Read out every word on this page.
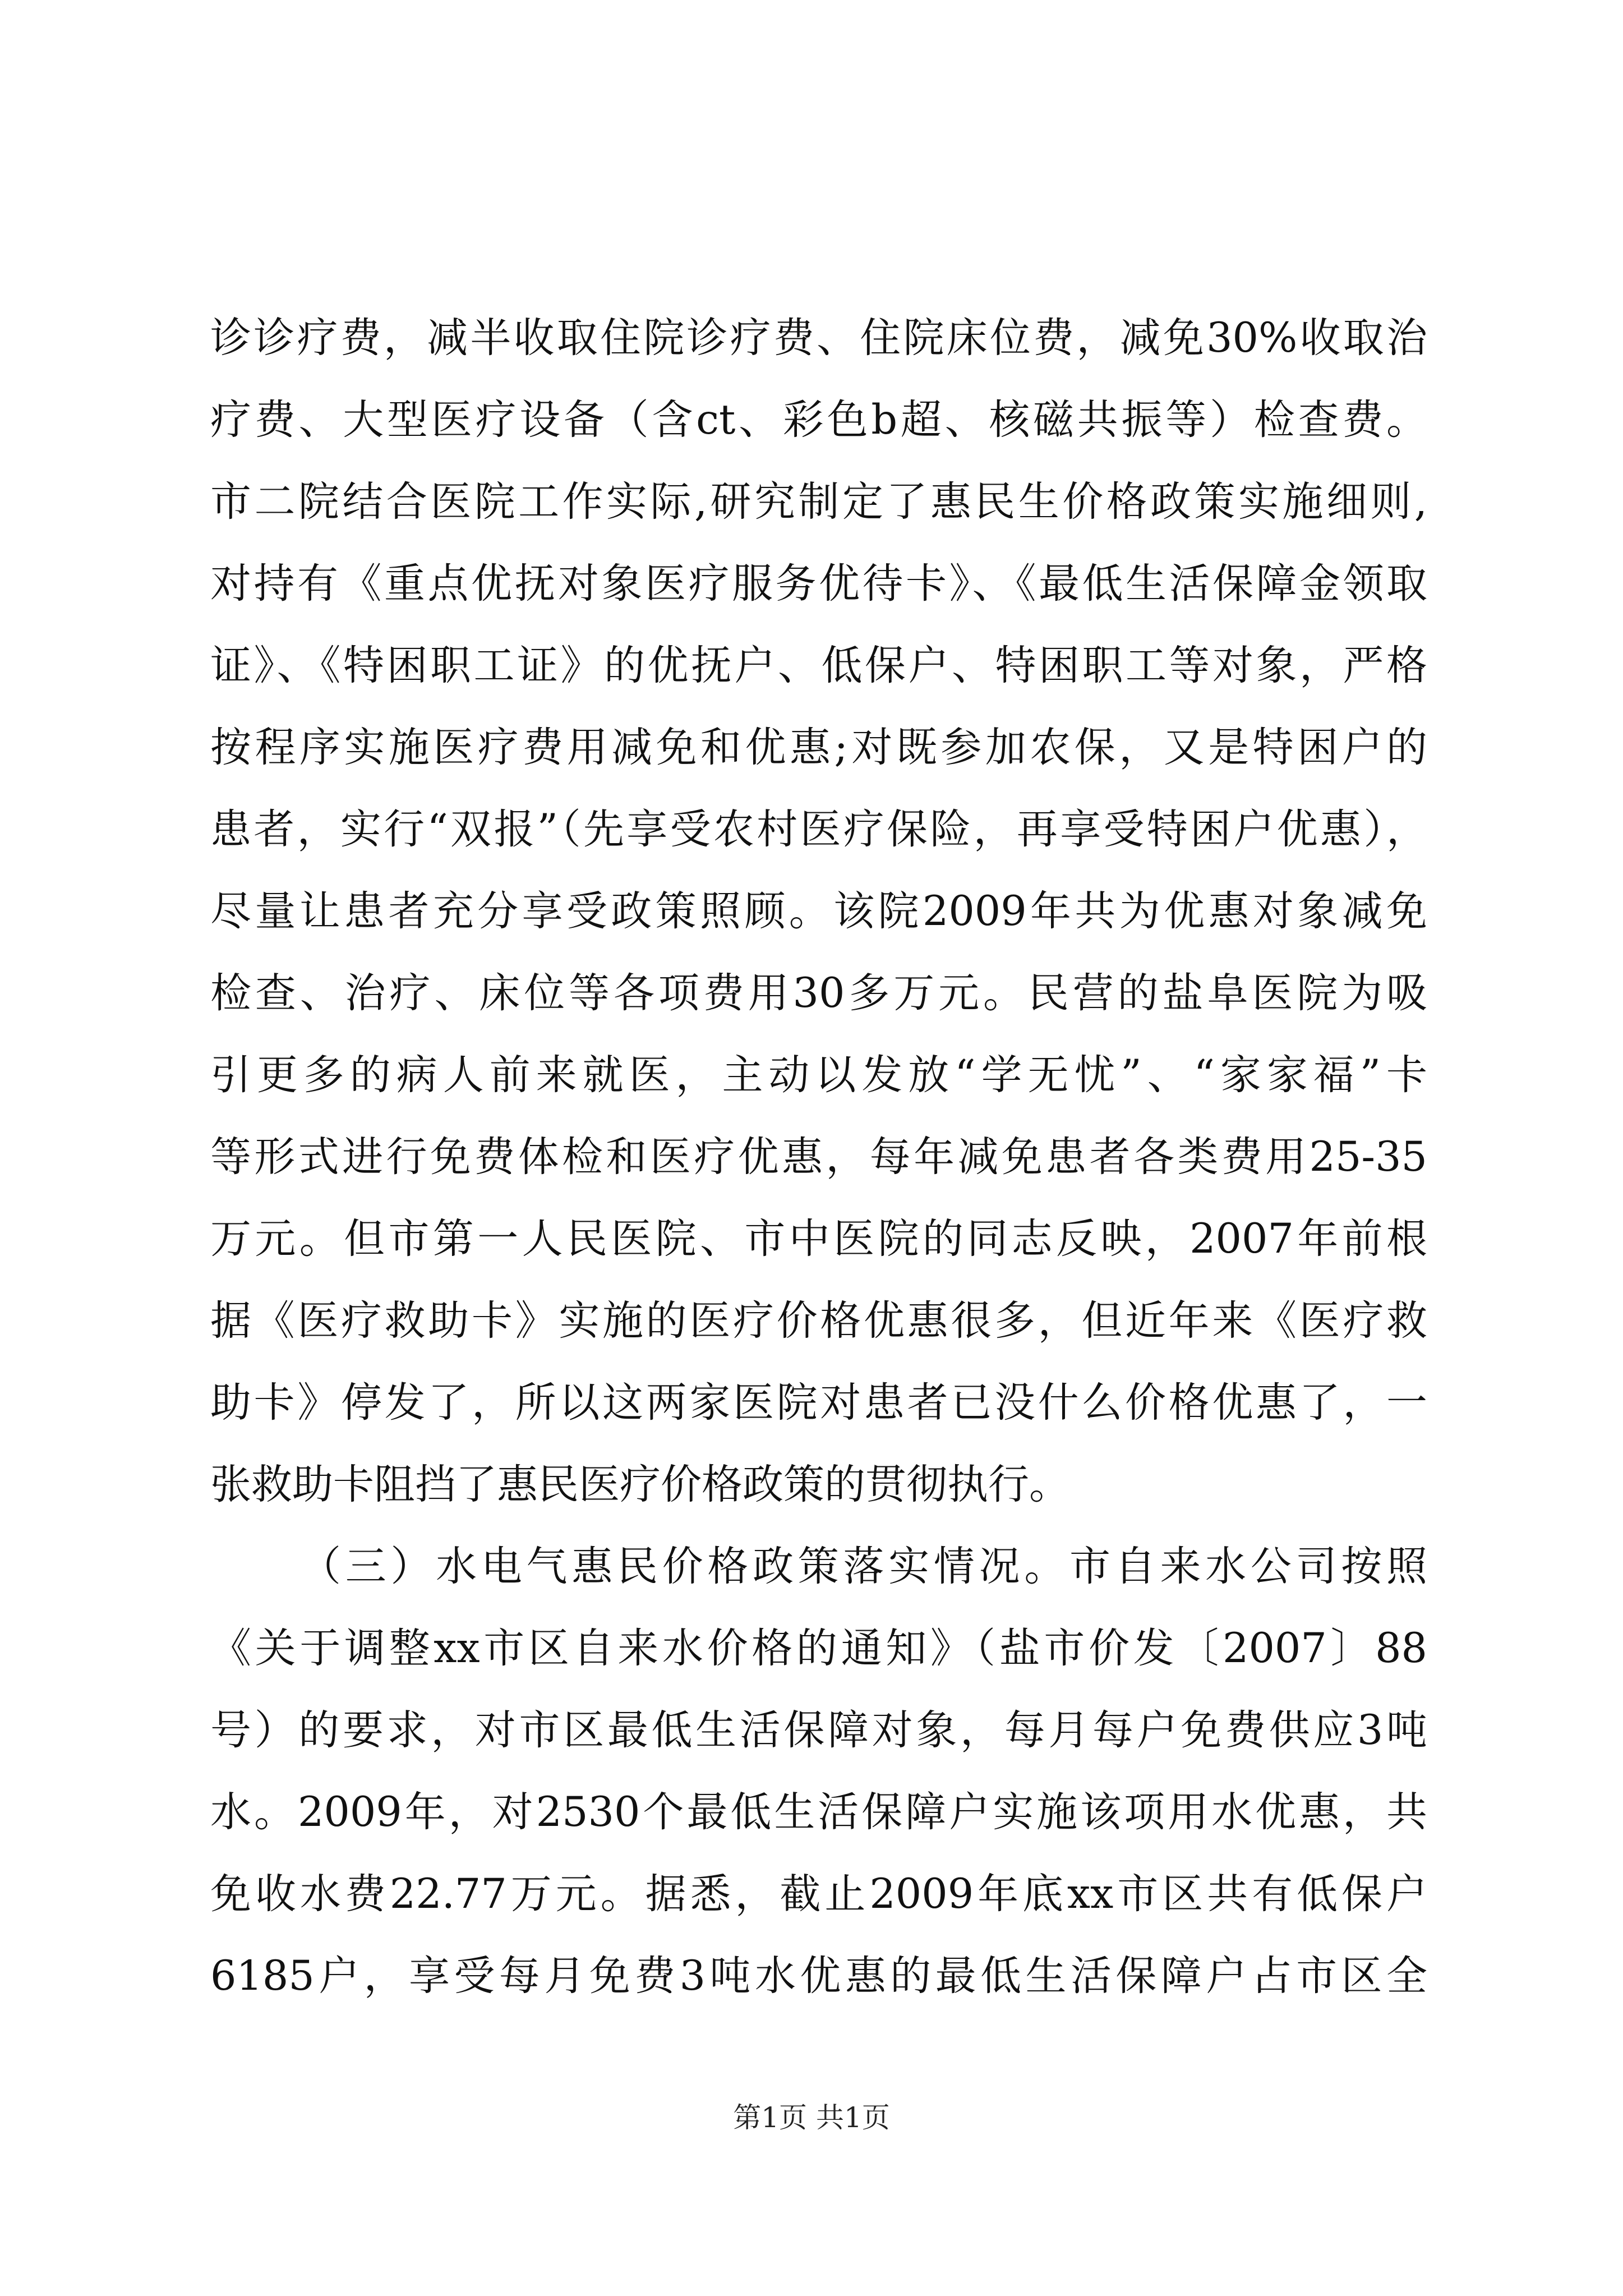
诊诊疗费，减半收取住院诊疗费、住院床位费，减免30%收取治
疗费、大型医疗设备（含ct、彩色b超、核磁共振等）检查费。
市二院结合医院工作实际,研究制定了惠民生价格政策实施细则,
对持有《重点优抚对象医疗服务优待卡》、《最低生活保障金领取
证》、《特困职工证》的优抚户、低保户、特困职工等对象，严格
按程序实施医疗费用减免和优惠;对既参加农保，又是特困户的
患者，实行“双报”（先享受农村医疗保险，再享受特困户优惠），
尽量让患者充分享受政策照顾。该院2009年共为优惠对象减免
检查、治疗、床位等各项费用30多万元。民营的盐阜医院为吸
引更多的病人前来就医，主动以发放“学无忧”、“家家福”卡
等形式进行免费体检和医疗优惠，每年减免患者各类费用25-35
万元。但市第一人民医院、市中医院的同志反映，2007年前根
据《医疗救助卡》实施的医疗价格优惠很多，但近年来《医疗救
助卡》停发了，所以这两家医院对患者已没什么价格优惠了，一
张救助卡阻挡了惠民医疗价格政策的贯彻执行。
（三）水电气惠民价格政策落实情况。市自来水公司按照
《关于调整xx市区自来水价格的通知》（盐市价发〔2007〕88
号）的要求，对市区最低生活保障对象，每月每户免费供应3吨
水。2009年，对2530个最低生活保障户实施该项用水优惠，共
免收水费22.77万元。据悉，截止2009年底xx市区共有低保户
6185户，享受每月免费3吨水优惠的最低生活保障户占市区全
第1页 共1页
